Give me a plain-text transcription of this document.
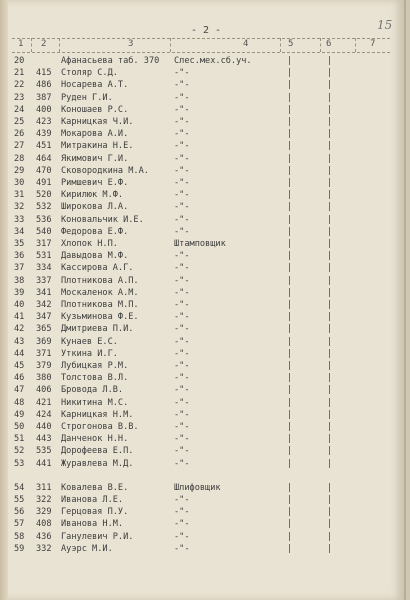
- 2 -	15
1 2	3	4	5	6	7
20	Афанасьева таб. 370 Слес.мех.сб.уч.	|	|
21 415 Столяр С.Д.	-"-	|	|
22 486 Носарева А.Т.	-"-	|	|
23 387 Руден Г.И.	-"-	|	|
24 400 Коношаев Р.С.	-"-	|	|
25 423 Карницкая Ч.И.	-"-	|	|
26 439 Мокарова А.И.	-"-	|	|
27 451 Митракина Н.Е.	-"-	|	|
28 464 Якимович Г.И.	-"-	|	|
29 470 Сковородкина М.А.	-"-	|	|
30 491 Римшевич Е.Ф.	-"-	|	|
31 520 Кирилюк М.Ф.	-"-	|	|
32 532 Широкова Л.А.	-"-	|	|
33 536 Коновальчик И.Е.	-"-	|	|
34 540 Федорова Е.Ф.	-"-	|	|
35 317 Хлопок Н.П.	Штамповщик	|	|
36 531 Давыдова М.Ф.	-"-	|	|
37 334 Кассирова А.Г.	-"-	|	|
38 337 Плотникова А.П.	-"-	|	|
39 341 Москаленок А.М.	-"-	|	|
40 342 Плотникова М.П.	-"-	|	|
41 347 Кузьминова Ф.Е.	-"-	|	|
42 365 Дмитриева П.И.	-"-	|	|
43 369 Кунаев Е.С.	-"-	|	|
44 371 Уткина И.Г.	-"-	|	|
45 379 Лубицкая Р.М.	-"-	|	|
46 380 Толстова В.Л.	-"-	|	|
47 406 Бровода Л.В.	-"-	|	|
48 421 Никитина М.С.	-"-	|	|
49 424 Карницкая Н.М.	-"-	|	|
50 440 Строгонова В.В.	-"-	|	|
51 443 Данченок Н.Н.	-"-	|	|
52 535 Дорофеева Е.П.	-"-	|	|
53 441 Журавлева М.Д.	-"-	|	|
54 311 Ковалева В.Е.	Шлифовщик	|	|
55 322 Иванова Л.Е.	-"-	|	|
56 329 Герцовая П.У.	-"-	|	|
57 408 Иванова Н.М.	-"-	|	|
58 436 Ганулевич Р.И.	-"-	|	|
59 332 Ауэрс М.И.	-"-	|	|
